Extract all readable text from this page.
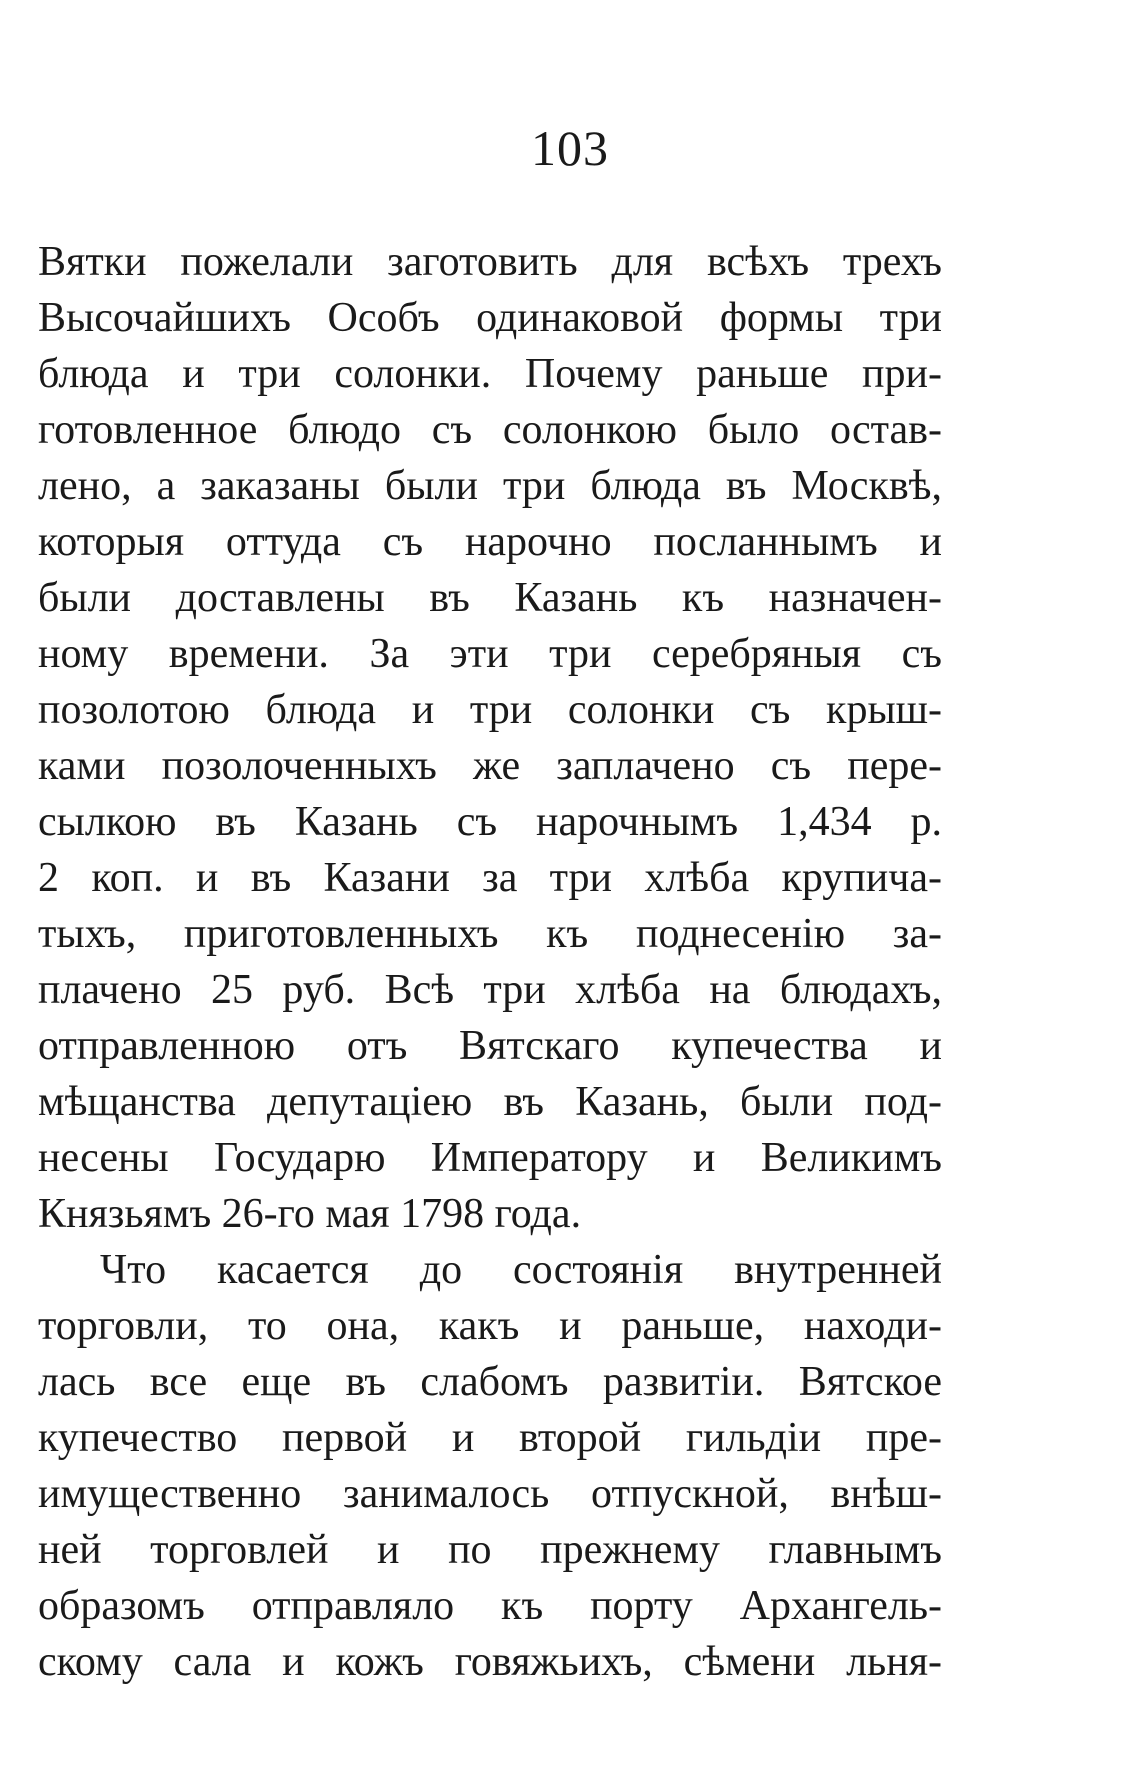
103
Вятки пожелали заготовить для всѣхъ трехъ
Высочайшихъ Особъ одинаковой формы три
блюда и три солонки. Почему раньше при-
готовленное блюдо съ солонкою было остав-
лено, а заказаны были три блюда въ Москвѣ,
которыя оттуда съ нарочно посланнымъ и
были доставлены въ Казань къ назначен-
ному времени. За эти три серебряныя съ
позолотою блюда и три солонки съ крыш-
ками позолоченныхъ же заплачено съ пере-
сылкою въ Казань съ нарочнымъ 1,434 р.
2 коп. и въ Казани за три хлѣба крупича-
тыхъ, приготовленныхъ къ поднесенію за-
плачено 25 руб. Всѣ три хлѣба на блюдахъ,
отправленною отъ Вятскаго купечества и
мѣщанства депутаціею въ Казань, были под-
несены Государю Императору и Великимъ
Князьямъ 26-го мая 1798 года.
Что касается до состоянія внутренней
торговли, то она, какъ и раньше, находи-
лась все еще въ слабомъ развитіи. Вятское
купечество первой и второй гильдіи пре-
имущественно занималось отпускной, внѣш-
ней торговлей и по прежнему главнымъ
образомъ отправляло къ порту Архангель-
скому сала и кожъ говяжьихъ, сѣмени льня-
